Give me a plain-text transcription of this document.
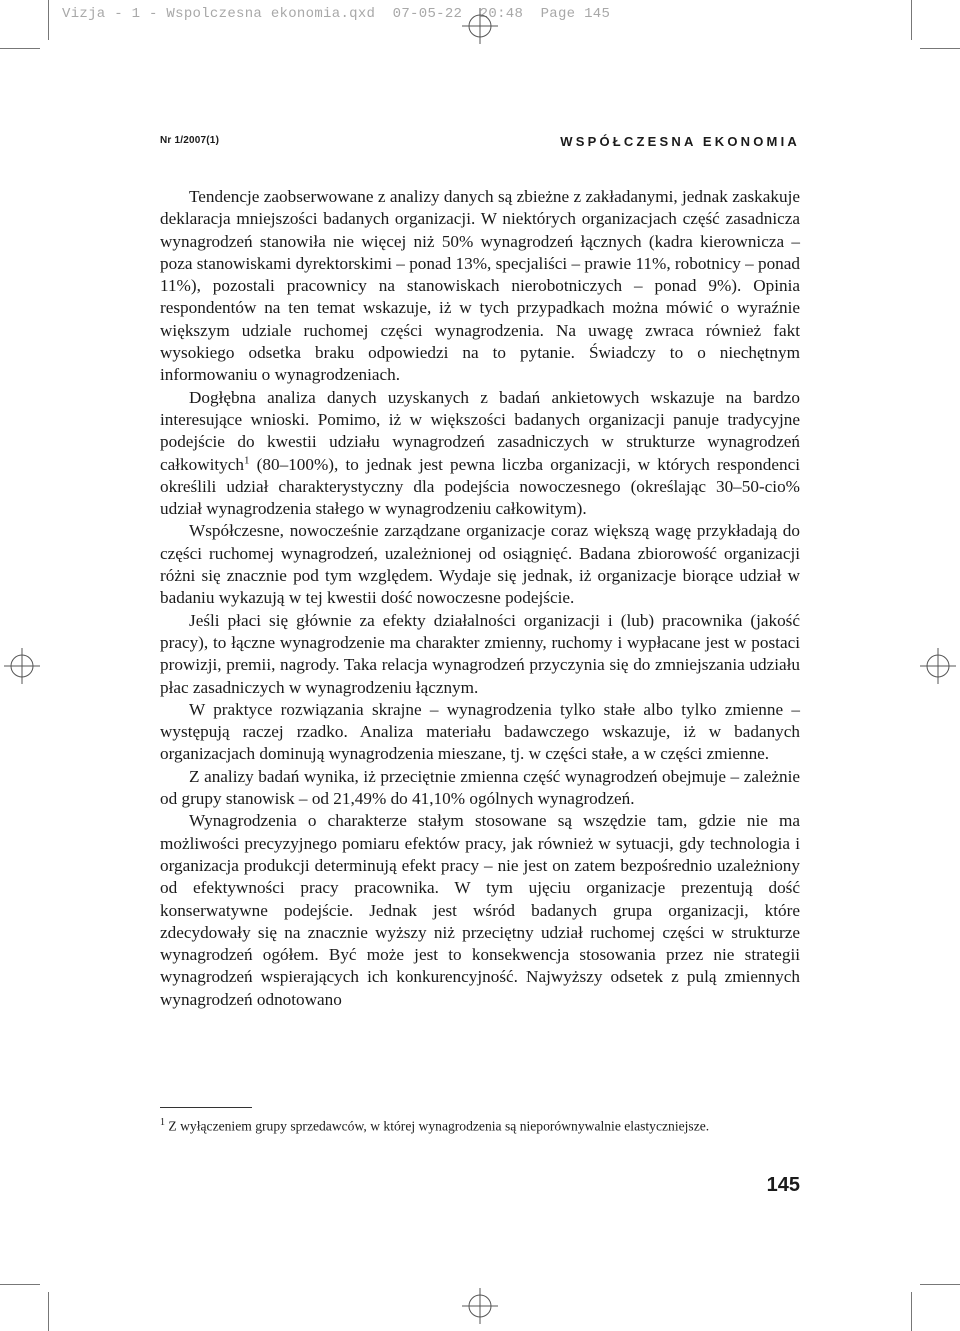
Vizja - 1 - Wspolczesna ekonomia.qxd  07-05-22  20:48  Page 145
Nr 1/2007(1)	WSPÓŁCZESNA EKONOMIA

Tendencje zaobserwowane z analizy danych są zbieżne z zakładanymi, jednak zaskakuje deklaracja mniejszości badanych organizacji. W niektórych organizacjach część zasadnicza wynagrodzeń stanowiła nie więcej niż 50% wynagrodzeń łącznych (kadra kierownicza – poza stanowiskami dyrektorskimi – ponad 13%, specjaliści – prawie 11%, robotnicy – ponad 11%), pozostali pracownicy na stanowiskach nierobotniczych – ponad 9%). Opinia respondentów na ten temat wskazuje, iż w tych przypadkach można mówić o wyraźnie większym udziale ruchomej części wynagrodzenia. Na uwagę zwraca również fakt wysokiego odsetka braku odpowiedzi na to pytanie. Świadczy to o niechętnym informowaniu o wynagrodzeniach.

Dogłębna analiza danych uzyskanych z badań ankietowych wskazuje na bardzo interesujące wnioski. Pomimo, iż w większości badanych organizacji panuje tradycyjne podejście do kwestii udziału wynagrodzeń zasadniczych w strukturze wynagrodzeń całkowitych$^1$ (80–100%), to jednak jest pewna liczba organizacji, w których respondenci określili udział charakterystyczny dla podejścia nowoczesnego (określając 30–50-cio% udział wynagrodzenia stałego w wynagrodzeniu całkowitym).

Współczesne, nowocześnie zarządzane organizacje coraz większą wagę przykładają do części ruchomej wynagrodzeń, uzależnionej od osiągnięć. Badana zbiorowość organizacji różni się znacznie pod tym względem. Wydaje się jednak, iż organizacje biorące udział w badaniu wykazują w tej kwestii dość nowoczesne podejście.

Jeśli płaci się głównie za efekty działalności organizacji i (lub) pracownika (jakość pracy), to łączne wynagrodzenie ma charakter zmienny, ruchomy i wypłacane jest w postaci prowizji, premii, nagrody. Taka relacja wynagrodzeń przyczynia się do zmniejszania udziału płac zasadniczych w wynagrodzeniu łącznym.

W praktyce rozwiązania skrajne – wynagrodzenia tylko stałe albo tylko zmienne – występują raczej rzadko. Analiza materiału badawczego wskazuje, iż w badanych organizacjach dominują wynagrodzenia mieszane, tj. w części stałe, a w części zmienne.

Z analizy badań wynika, iż przeciętnie zmienna część wynagrodzeń obejmuje – zależnie od grupy stanowisk – od 21,49% do 41,10% ogólnych wynagrodzeń.

Wynagrodzenia o charakterze stałym stosowane są wszędzie tam, gdzie nie ma możliwości precyzyjnego pomiaru efektów pracy, jak również w sytuacji, gdy technologia i organizacja produkcji determinują efekt pracy – nie jest on zatem bezpośrednio uzależniony od efektywności pracy pracownika. W tym ujęciu organizacje prezentują dość konserwatywne podejście. Jednak jest wśród badanych grupa organizacji, które zdecydowały się na znacznie wyższy niż przeciętny udział ruchomej części w strukturze wynagrodzeń ogółem. Być może jest to konsekwencja stosowania przez nie strategii wynagrodzeń wspierających ich konkurencyjność. Najwyższy odsetek z pulą zmiennych wynagrodzeń odnotowano

$^1$ Z wyłączeniem grupy sprzedawców, w której wynagrodzenia są nieporównywalnie elastyczniejsze.
145
